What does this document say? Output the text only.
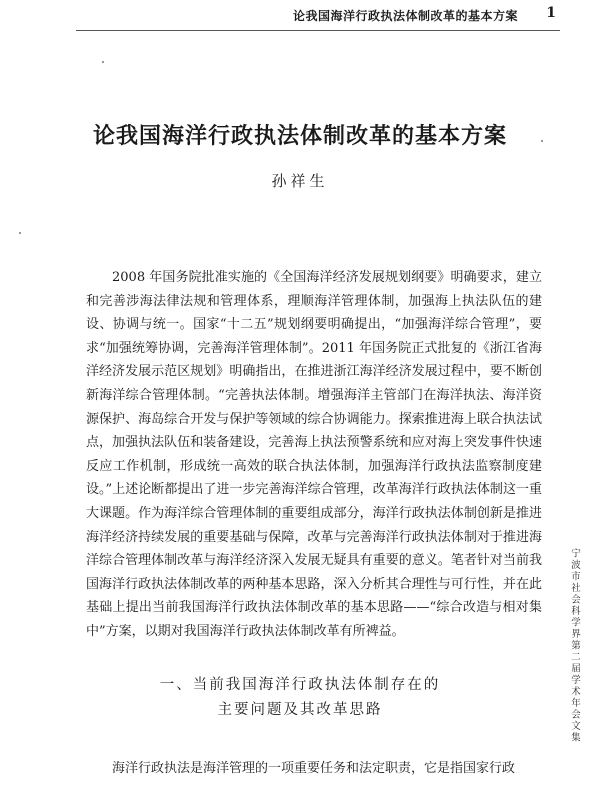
论我国海洋行政执法体制改革的基本方案 1
论我国海洋行政执法体制改革的基本方案
孙祥生

2008 年国务院批准实施的《全国海洋经济发展规划纲要》明确要求，建立和完善涉海法律法规和管理体系，理顺海洋管理体制，加强海上执法队伍的建设、协调与统一。国家“十二五”规划纲要明确提出，“加强海洋综合管理”，要求“加强统筹协调，完善海洋管理体制”。2011 年国务院正式批复的《浙江省海洋经济发展示范区规划》明确指出，在推进浙江海洋经济发展过程中，要不断创新海洋综合管理体制。“完善执法体制。增强海洋主管部门在海洋执法、海洋资源保护、海岛综合开发与保护等领域的综合协调能力。探索推进海上联合执法试点，加强执法队伍和装备建设，完善海上执法预警系统和应对海上突发事件快速反应工作机制，形成统一高效的联合执法体制，加强海洋行政执法监察制度建设。”上述论断都提出了进一步完善海洋综合管理，改革海洋行政执法体制这一重大课题。作为海洋综合管理体制的重要组成部分，海洋行政执法体制创新是推进海洋经济持续发展的重要基础与保障，改革与完善海洋行政执法体制对于推进海洋综合管理体制改革与海洋经济深入发展无疑具有重要的意义。笔者针对当前我国海洋行政执法体制改革的两种基本思路，深入分析其合理性与可行性，并在此基础上提出当前我国海洋行政执法体制改革的基本思路——“综合改造与相对集中”方案，以期对我国海洋行政执法体制改革有所裨益。

一、当前我国海洋行政执法体制存在的
主要问题及其改革思路

海洋行政执法是海洋管理的一项重要任务和法定职责，它是指国家行政

宁波市社会科学界第二届学术年会文集
